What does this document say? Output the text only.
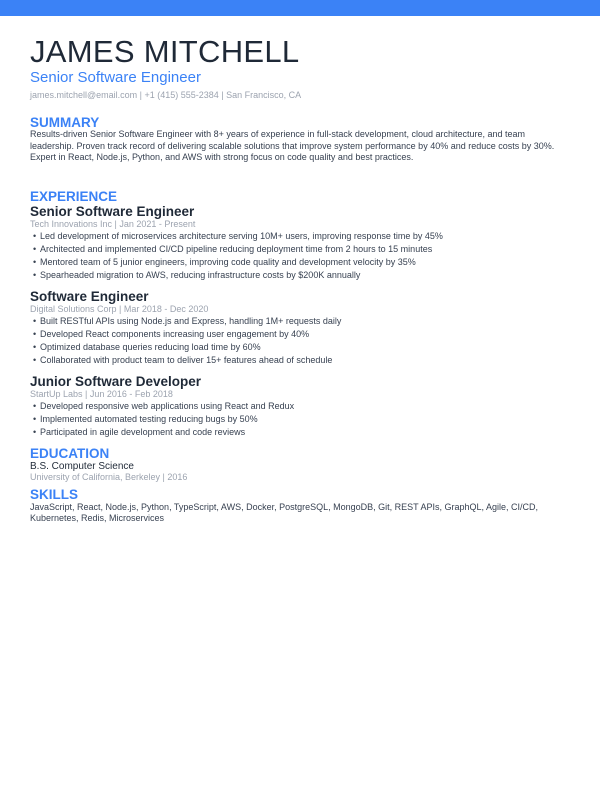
JAMES MITCHELL
Senior Software Engineer
james.mitchell@email.com | +1 (415) 555-2384 | San Francisco, CA
SUMMARY
Results-driven Senior Software Engineer with 8+ years of experience in full-stack development, cloud architecture, and team leadership. Proven track record of delivering scalable solutions that improve system performance by 40% and reduce costs by 30%. Expert in React, Node.js, Python, and AWS with strong focus on code quality and best practices.
EXPERIENCE
Senior Software Engineer
Tech Innovations Inc | Jan 2021 - Present
• Led development of microservices architecture serving 10M+ users, improving response time by 45%
• Architected and implemented CI/CD pipeline reducing deployment time from 2 hours to 15 minutes
• Mentored team of 5 junior engineers, improving code quality and development velocity by 35%
• Spearheaded migration to AWS, reducing infrastructure costs by $200K annually
Software Engineer
Digital Solutions Corp | Mar 2018 - Dec 2020
• Built RESTful APIs using Node.js and Express, handling 1M+ requests daily
• Developed React components increasing user engagement by 40%
• Optimized database queries reducing load time by 60%
• Collaborated with product team to deliver 15+ features ahead of schedule
Junior Software Developer
StartUp Labs | Jun 2016 - Feb 2018
• Developed responsive web applications using React and Redux
• Implemented automated testing reducing bugs by 50%
• Participated in agile development and code reviews
EDUCATION
B.S. Computer Science
University of California, Berkeley | 2016
SKILLS
JavaScript, React, Node.js, Python, TypeScript, AWS, Docker, PostgreSQL, MongoDB, Git, REST APIs, GraphQL, Agile, CI/CD, Kubernetes, Redis, Microservices
